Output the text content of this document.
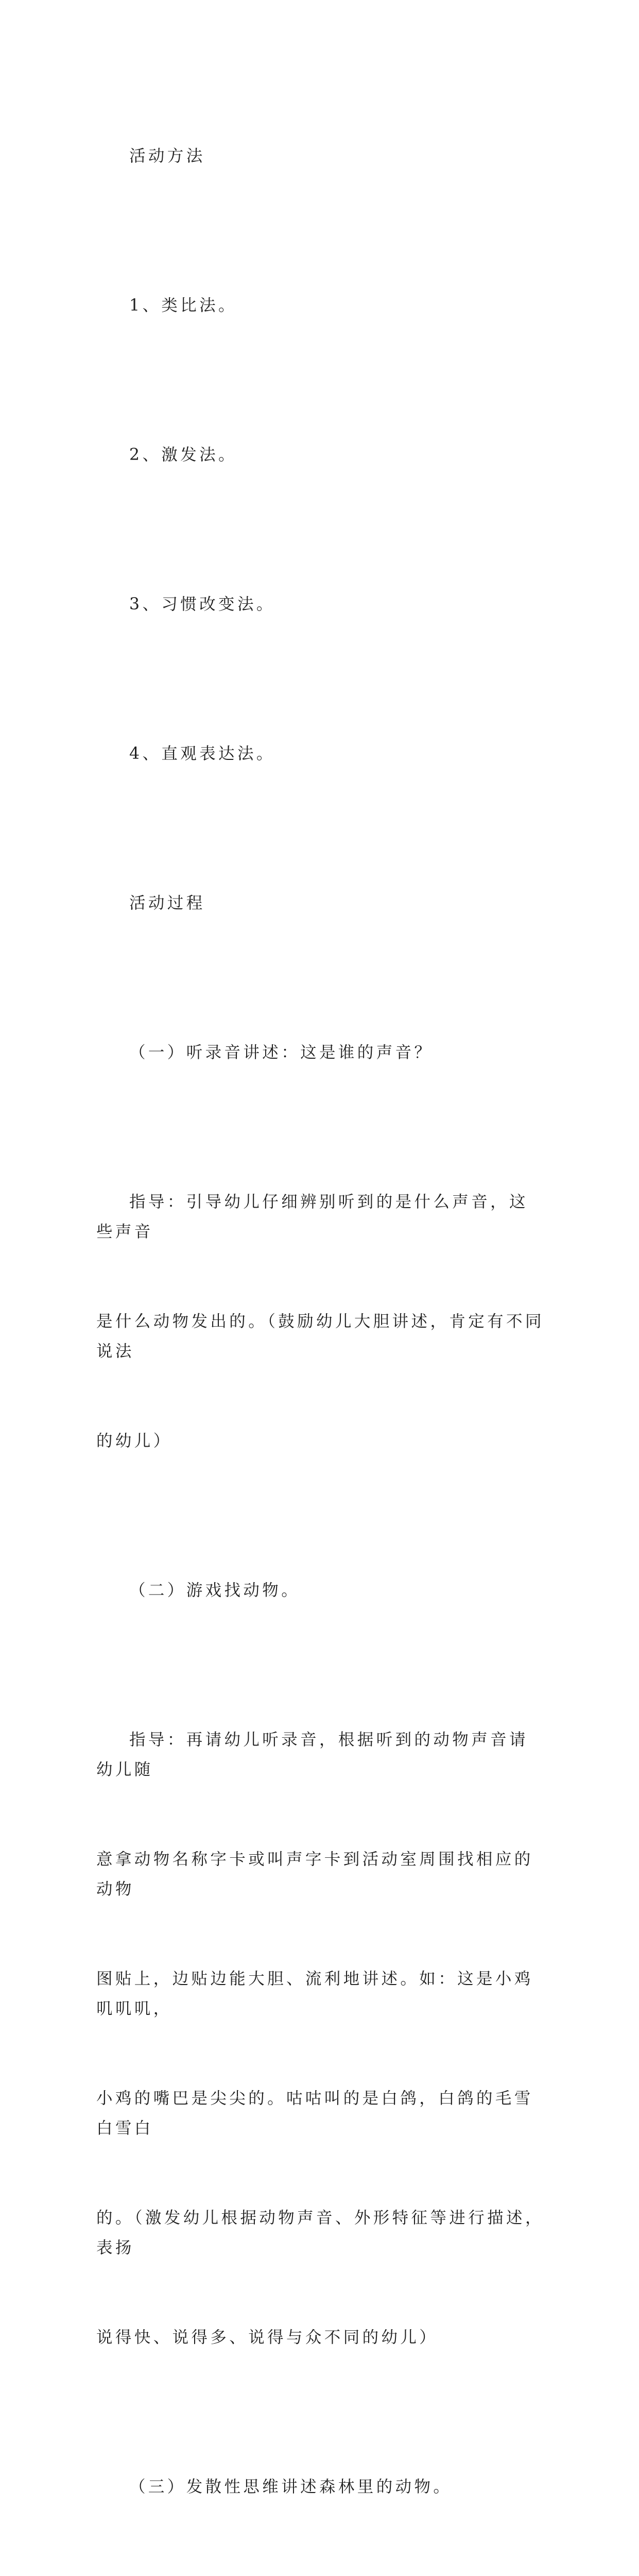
活动方法

1、类比法。

2、激发法。

3、习惯改变法。

4、直观表达法。

活动过程

（一）听录音讲述：这是谁的声音？

指导：引导幼儿仔细辨别听到的是什么声音，这些声音

是什么动物发出的。（鼓励幼儿大胆讲述，肯定有不同说法

的幼儿）

（二）游戏找动物。

指导：再请幼儿听录音，根据听到的动物声音请幼儿随

意拿动物名称字卡或叫声字卡到活动室周围找相应的动物

图贴上，边贴边能大胆、流利地讲述。如：这是小鸡叽叽叽，

小鸡的嘴巴是尖尖的。咕咕叫的是白鸽，白鸽的毛雪白雪白

的。（激发幼儿根据动物声音、外形特征等进行描述，表扬

说得快、说得多、说得与众不同的幼儿）

（三）发散性思维讲述森林里的动物。
